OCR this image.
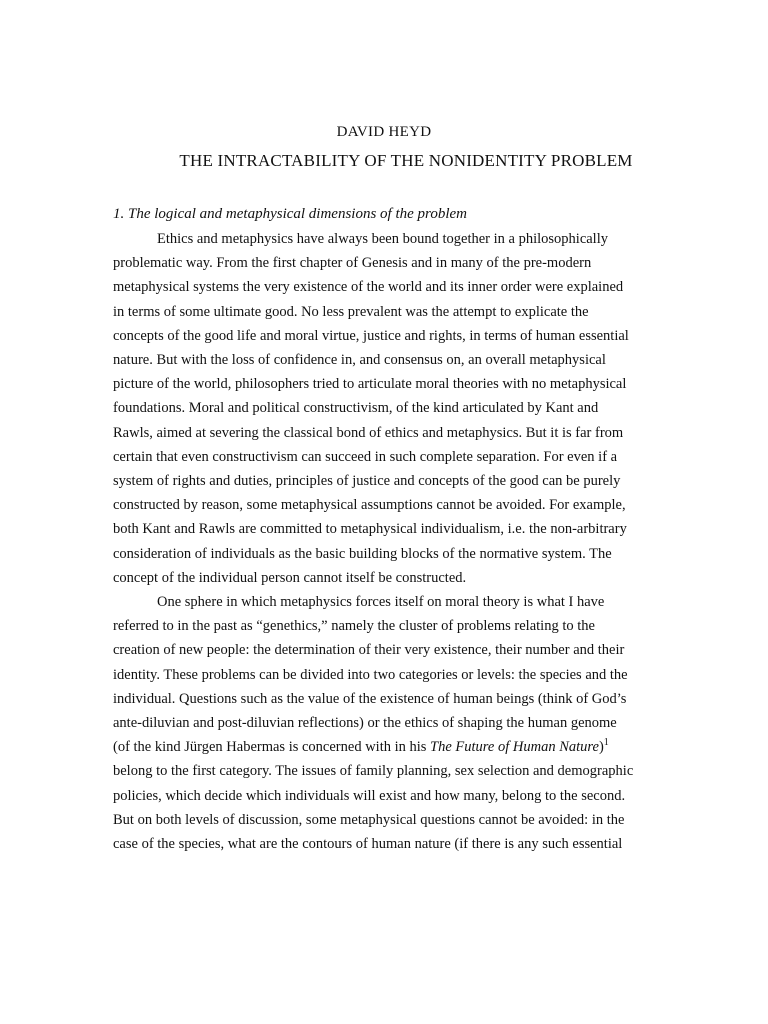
DAVID HEYD
THE INTRACTABILITY OF THE NONIDENTITY PROBLEM
1. The logical and metaphysical dimensions of the problem
Ethics and metaphysics have always been bound together in a philosophically
problematic way. From the first chapter of Genesis and in many of the pre-modern
metaphysical systems the very existence of the world and its inner order were explained
in terms of some ultimate good. No less prevalent was the attempt to explicate the
concepts of the good life and moral virtue, justice and rights, in terms of human essential
nature. But with the loss of confidence in, and consensus on, an overall metaphysical
picture of the world, philosophers tried to articulate moral theories with no metaphysical
foundations. Moral and political constructivism, of the kind articulated by Kant and
Rawls, aimed at severing the classical bond of ethics and metaphysics. But it is far from
certain that even constructivism can succeed in such complete separation. For even if a
system of rights and duties, principles of justice and concepts of the good can be purely
constructed by reason, some metaphysical assumptions cannot be avoided. For example,
both Kant and Rawls are committed to metaphysical individualism, i.e. the non-arbitrary
consideration of individuals as the basic building blocks of the normative system. The
concept of the individual person cannot itself be constructed.
One sphere in which metaphysics forces itself on moral theory is what I have
referred to in the past as “genethics,” namely the cluster of problems relating to the
creation of new people: the determination of their very existence, their number and their
identity. These problems can be divided into two categories or levels: the species and the
individual. Questions such as the value of the existence of human beings (think of God’s
ante-diluvian and post-diluvian reflections) or the ethics of shaping the human genome
(of the kind Jürgen Habermas is concerned with in his The Future of Human Nature)$^1$
belong to the first category. The issues of family planning, sex selection and demographic
policies, which decide which individuals will exist and how many, belong to the second.
But on both levels of discussion, some metaphysical questions cannot be avoided: in the
case of the species, what are the contours of human nature (if there is any such essential
